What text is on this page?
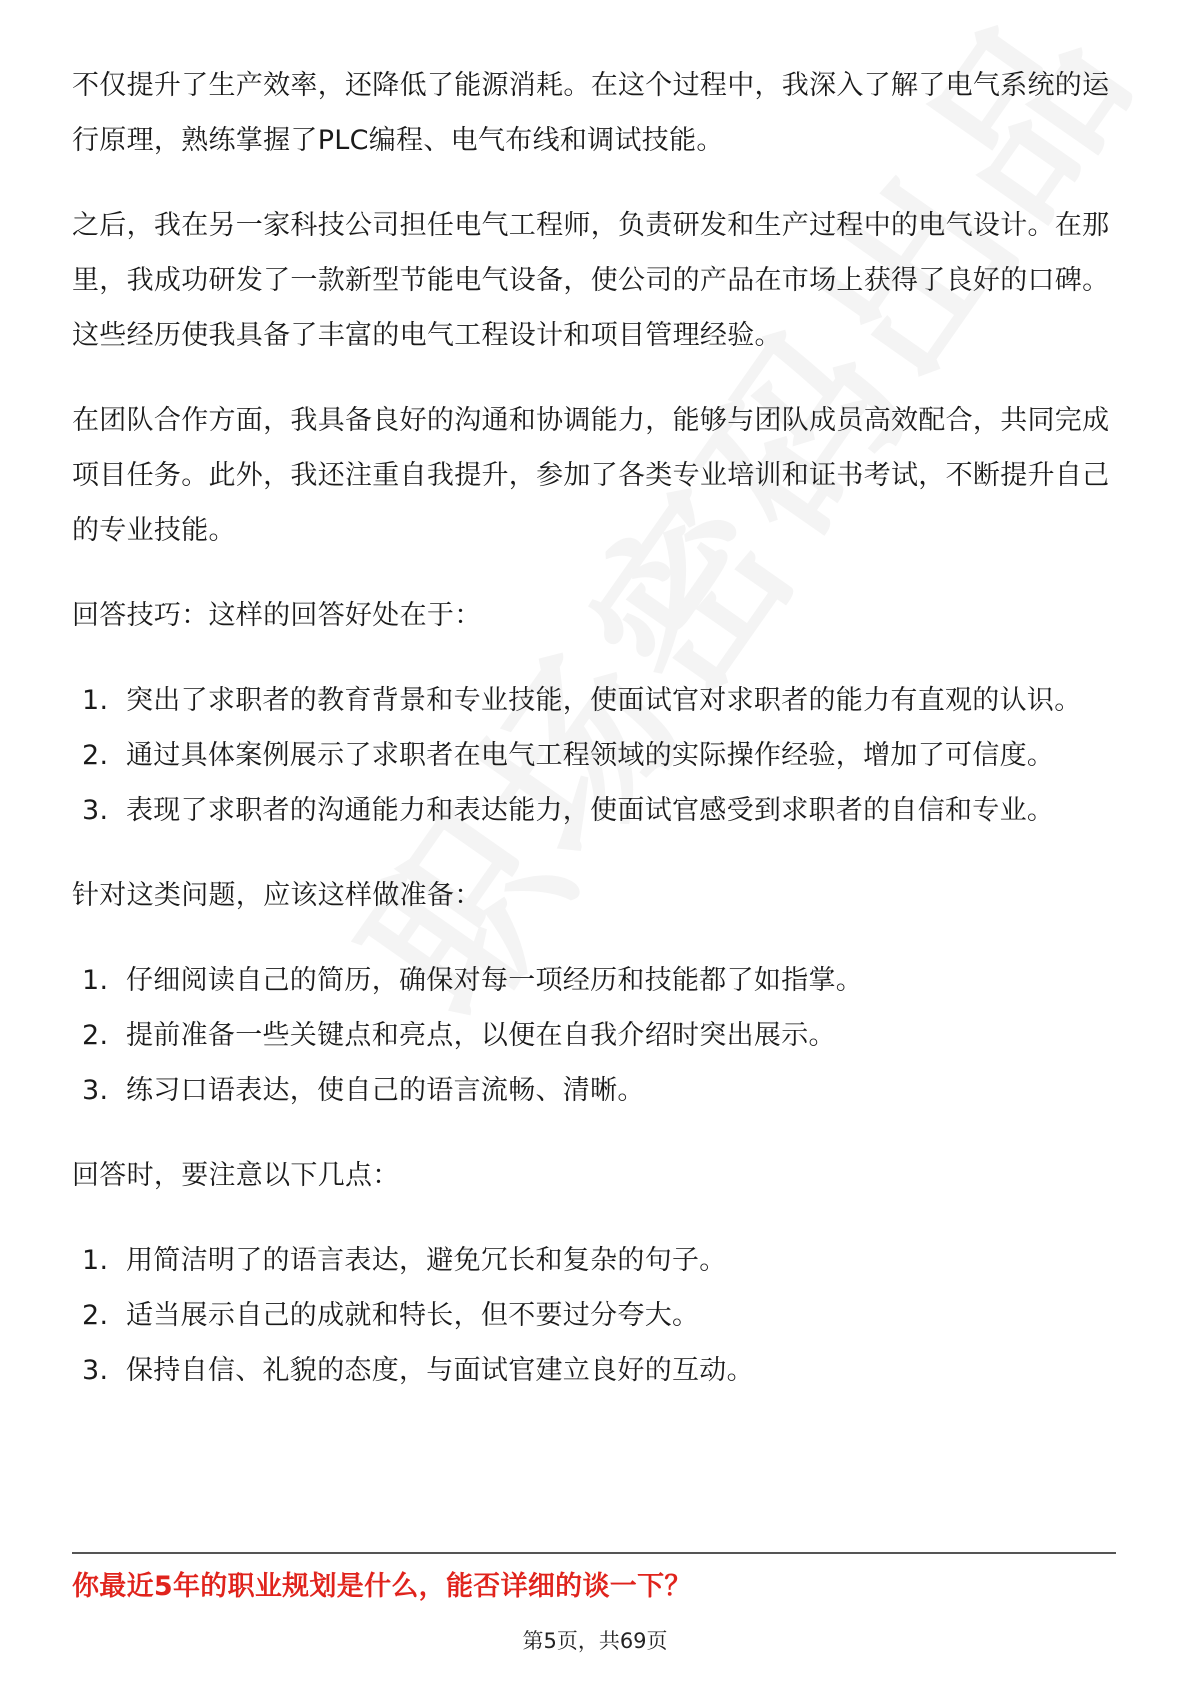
不仅提升了生产效率，还降低了能源消耗。在这个过程中，我深入了解了电气系统的运行原理，熟练掌握了PLC编程、电气布线和调试技能。

之后，我在另一家科技公司担任电气工程师，负责研发和生产过程中的电气设计。在那里，我成功研发了一款新型节能电气设备，使公司的产品在市场上获得了良好的口碑。这些经历使我具备了丰富的电气工程设计和项目管理经验。

在团队合作方面，我具备良好的沟通和协调能力，能够与团队成员高效配合，共同完成项目任务。此外，我还注重自我提升，参加了各类专业培训和证书考试，不断提升自己的专业技能。

回答技巧：这样的回答好处在于：

1. 突出了求职者的教育背景和专业技能，使面试官对求职者的能力有直观的认识。
2. 通过具体案例展示了求职者在电气工程领域的实际操作经验，增加了可信度。
3. 表现了求职者的沟通能力和表达能力，使面试官感受到求职者的自信和专业。

针对这类问题，应该这样做准备：

1. 仔细阅读自己的简历，确保对每一项经历和技能都了如指掌。
2. 提前准备一些关键点和亮点，以便在自我介绍时突出展示。
3. 练习口语表达，使自己的语言流畅、清晰。

回答时，要注意以下几点：

1. 用简洁明了的语言表达，避免冗长和复杂的句子。
2. 适当展示自己的成就和特长，但不要过分夸大。
3. 保持自信、礼貌的态度，与面试官建立良好的互动。
你最近5年的职业规划是什么，能否详细的谈一下？
第5页，共69页
